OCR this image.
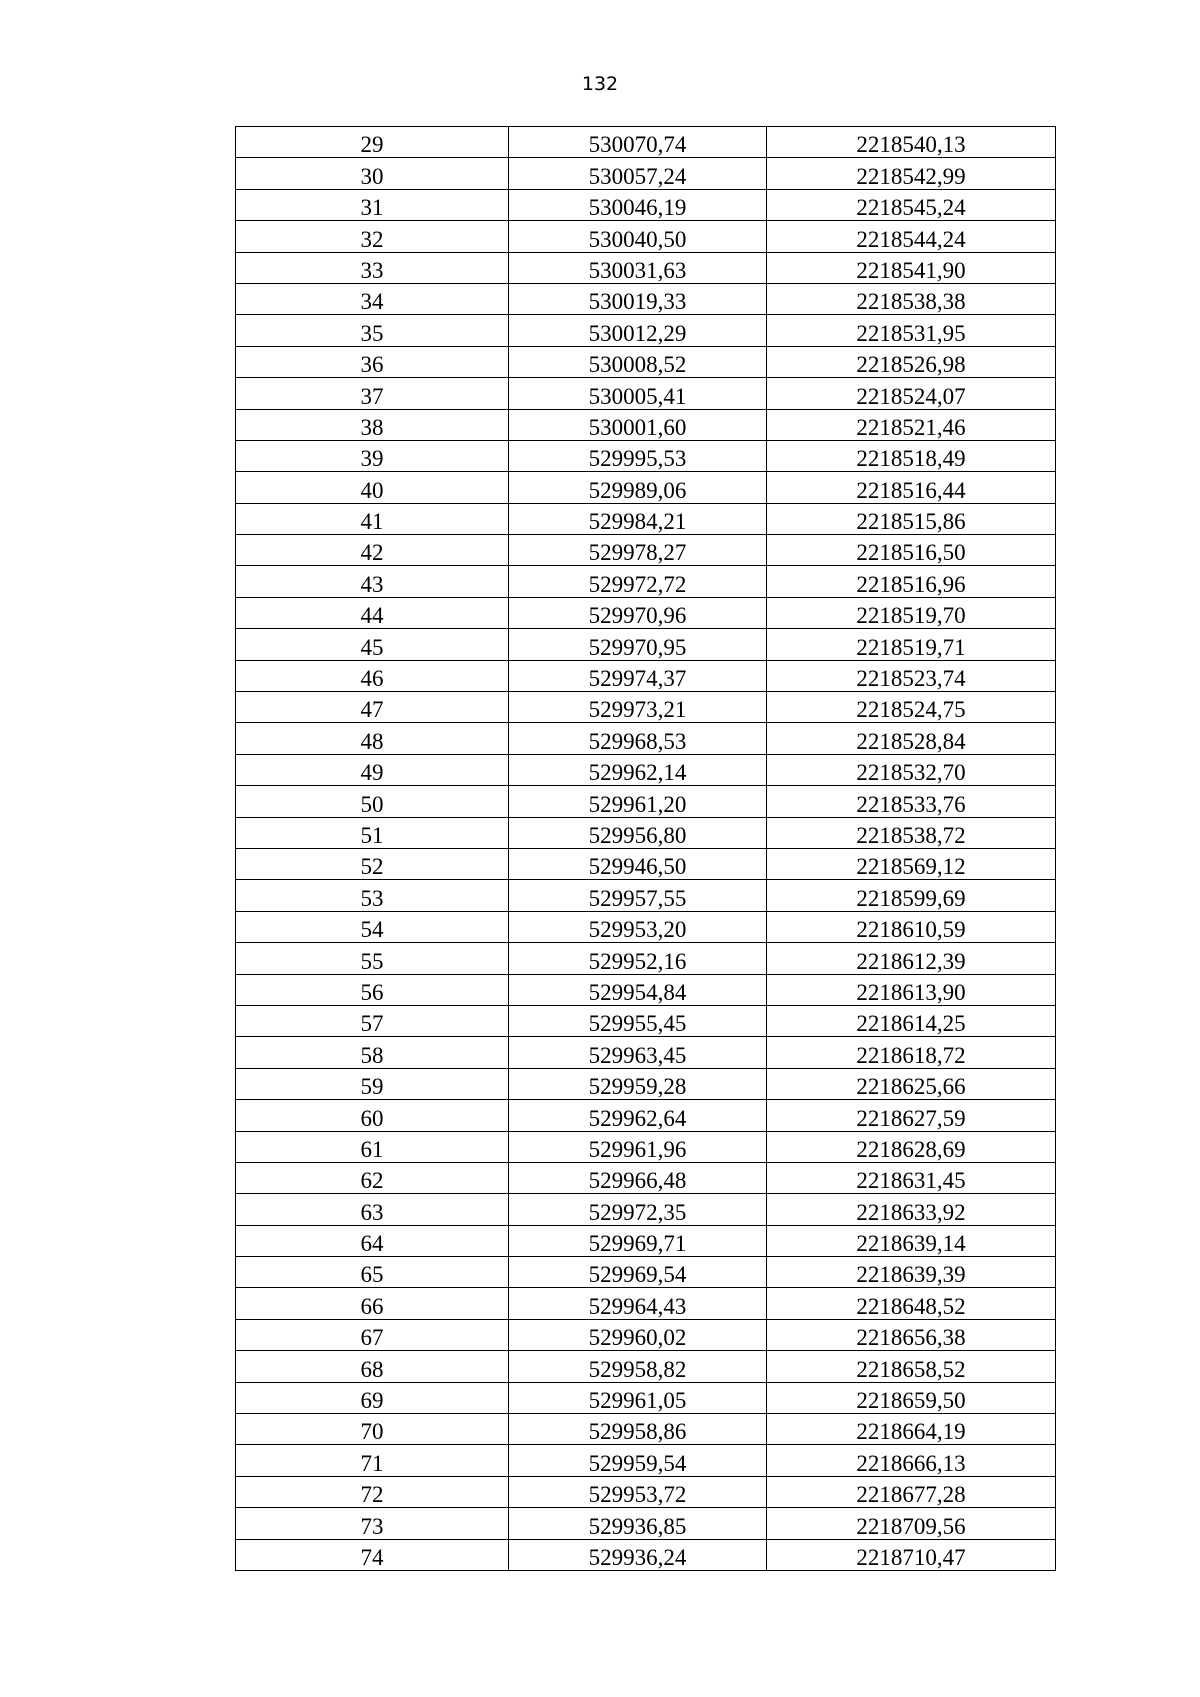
132
29	530070,74	2218540,13
30	530057,24	2218542,99
31	530046,19	2218545,24
32	530040,50	2218544,24
33	530031,63	2218541,90
34	530019,33	2218538,38
35	530012,29	2218531,95
36	530008,52	2218526,98
37	530005,41	2218524,07
38	530001,60	2218521,46
39	529995,53	2218518,49
40	529989,06	2218516,44
41	529984,21	2218515,86
42	529978,27	2218516,50
43	529972,72	2218516,96
44	529970,96	2218519,70
45	529970,95	2218519,71
46	529974,37	2218523,74
47	529973,21	2218524,75
48	529968,53	2218528,84
49	529962,14	2218532,70
50	529961,20	2218533,76
51	529956,80	2218538,72
52	529946,50	2218569,12
53	529957,55	2218599,69
54	529953,20	2218610,59
55	529952,16	2218612,39
56	529954,84	2218613,90
57	529955,45	2218614,25
58	529963,45	2218618,72
59	529959,28	2218625,66
60	529962,64	2218627,59
61	529961,96	2218628,69
62	529966,48	2218631,45
63	529972,35	2218633,92
64	529969,71	2218639,14
65	529969,54	2218639,39
66	529964,43	2218648,52
67	529960,02	2218656,38
68	529958,82	2218658,52
69	529961,05	2218659,50
70	529958,86	2218664,19
71	529959,54	2218666,13
72	529953,72	2218677,28
73	529936,85	2218709,56
74	529936,24	2218710,47
